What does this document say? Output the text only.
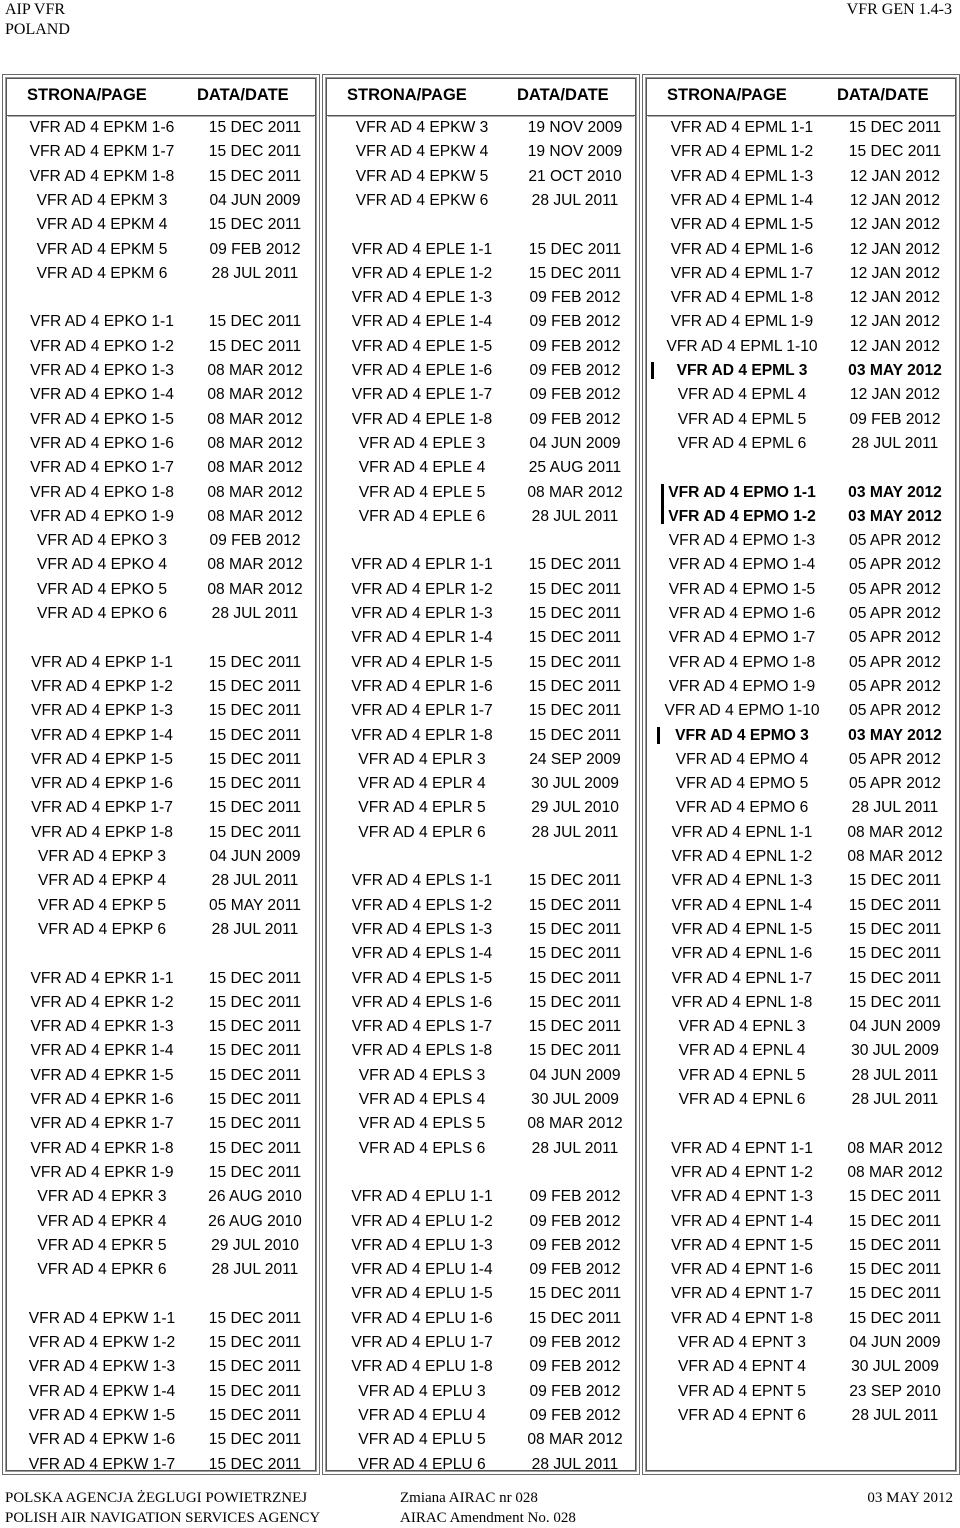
AIP VFR
POLAND
VFR GEN 1.4-3
STRONA/PAGE	DATA/DATE
VFR AD 4 EPKM 1-6	15 DEC 2011
VFR AD 4 EPKM 1-7	15 DEC 2011
VFR AD 4 EPKM 1-8	15 DEC 2011
VFR AD 4 EPKM 3	04 JUN 2009
VFR AD 4 EPKM 4	15 DEC 2011
VFR AD 4 EPKM 5	09 FEB 2012
VFR AD 4 EPKM 6	28 JUL 2011
VFR AD 4 EPKO 1-1	15 DEC 2011
VFR AD 4 EPKO 1-2	15 DEC 2011
VFR AD 4 EPKO 1-3	08 MAR 2012
VFR AD 4 EPKO 1-4	08 MAR 2012
VFR AD 4 EPKO 1-5	08 MAR 2012
VFR AD 4 EPKO 1-6	08 MAR 2012
VFR AD 4 EPKO 1-7	08 MAR 2012
VFR AD 4 EPKO 1-8	08 MAR 2012
VFR AD 4 EPKO 1-9	08 MAR 2012
VFR AD 4 EPKO 3	09 FEB 2012
VFR AD 4 EPKO 4	08 MAR 2012
VFR AD 4 EPKO 5	08 MAR 2012
VFR AD 4 EPKO 6	28 JUL 2011
VFR AD 4 EPKP 1-1	15 DEC 2011
VFR AD 4 EPKP 1-2	15 DEC 2011
VFR AD 4 EPKP 1-3	15 DEC 2011
VFR AD 4 EPKP 1-4	15 DEC 2011
VFR AD 4 EPKP 1-5	15 DEC 2011
VFR AD 4 EPKP 1-6	15 DEC 2011
VFR AD 4 EPKP 1-7	15 DEC 2011
VFR AD 4 EPKP 1-8	15 DEC 2011
VFR AD 4 EPKP 3	04 JUN 2009
VFR AD 4 EPKP 4	28 JUL 2011
VFR AD 4 EPKP 5	05 MAY 2011
VFR AD 4 EPKP 6	28 JUL 2011
VFR AD 4 EPKR 1-1	15 DEC 2011
VFR AD 4 EPKR 1-2	15 DEC 2011
VFR AD 4 EPKR 1-3	15 DEC 2011
VFR AD 4 EPKR 1-4	15 DEC 2011
VFR AD 4 EPKR 1-5	15 DEC 2011
VFR AD 4 EPKR 1-6	15 DEC 2011
VFR AD 4 EPKR 1-7	15 DEC 2011
VFR AD 4 EPKR 1-8	15 DEC 2011
VFR AD 4 EPKR 1-9	15 DEC 2011
VFR AD 4 EPKR 3	26 AUG 2010
VFR AD 4 EPKR 4	26 AUG 2010
VFR AD 4 EPKR 5	29 JUL 2010
VFR AD 4 EPKR 6	28 JUL 2011
VFR AD 4 EPKW 1-1	15 DEC 2011
VFR AD 4 EPKW 1-2	15 DEC 2011
VFR AD 4 EPKW 1-3	15 DEC 2011
VFR AD 4 EPKW 1-4	15 DEC 2011
VFR AD 4 EPKW 1-5	15 DEC 2011
VFR AD 4 EPKW 1-6	15 DEC 2011
VFR AD 4 EPKW 1-7	15 DEC 2011
STRONA/PAGE	DATA/DATE
VFR AD 4 EPKW 3	19 NOV 2009
VFR AD 4 EPKW 4	19 NOV 2009
VFR AD 4 EPKW 5	21 OCT 2010
VFR AD 4 EPKW 6	28 JUL 2011
VFR AD 4 EPLE 1-1	15 DEC 2011
VFR AD 4 EPLE 1-2	15 DEC 2011
VFR AD 4 EPLE 1-3	09 FEB 2012
VFR AD 4 EPLE 1-4	09 FEB 2012
VFR AD 4 EPLE 1-5	09 FEB 2012
VFR AD 4 EPLE 1-6	09 FEB 2012
VFR AD 4 EPLE 1-7	09 FEB 2012
VFR AD 4 EPLE 1-8	09 FEB 2012
VFR AD 4 EPLE 3	04 JUN 2009
VFR AD 4 EPLE 4	25 AUG 2011
VFR AD 4 EPLE 5	08 MAR 2012
VFR AD 4 EPLE 6	28 JUL 2011
VFR AD 4 EPLR 1-1	15 DEC 2011
VFR AD 4 EPLR 1-2	15 DEC 2011
VFR AD 4 EPLR 1-3	15 DEC 2011
VFR AD 4 EPLR 1-4	15 DEC 2011
VFR AD 4 EPLR 1-5	15 DEC 2011
VFR AD 4 EPLR 1-6	15 DEC 2011
VFR AD 4 EPLR 1-7	15 DEC 2011
VFR AD 4 EPLR 1-8	15 DEC 2011
VFR AD 4 EPLR 3	24 SEP 2009
VFR AD 4 EPLR 4	30 JUL 2009
VFR AD 4 EPLR 5	29 JUL 2010
VFR AD 4 EPLR 6	28 JUL 2011
VFR AD 4 EPLS 1-1	15 DEC 2011
VFR AD 4 EPLS 1-2	15 DEC 2011
VFR AD 4 EPLS 1-3	15 DEC 2011
VFR AD 4 EPLS 1-4	15 DEC 2011
VFR AD 4 EPLS 1-5	15 DEC 2011
VFR AD 4 EPLS 1-6	15 DEC 2011
VFR AD 4 EPLS 1-7	15 DEC 2011
VFR AD 4 EPLS 1-8	15 DEC 2011
VFR AD 4 EPLS 3	04 JUN 2009
VFR AD 4 EPLS 4	30 JUL 2009
VFR AD 4 EPLS 5	08 MAR 2012
VFR AD 4 EPLS 6	28 JUL 2011
VFR AD 4 EPLU 1-1	09 FEB 2012
VFR AD 4 EPLU 1-2	09 FEB 2012
VFR AD 4 EPLU 1-3	09 FEB 2012
VFR AD 4 EPLU 1-4	09 FEB 2012
VFR AD 4 EPLU 1-5	15 DEC 2011
VFR AD 4 EPLU 1-6	15 DEC 2011
VFR AD 4 EPLU 1-7	09 FEB 2012
VFR AD 4 EPLU 1-8	09 FEB 2012
VFR AD 4 EPLU 3	09 FEB 2012
VFR AD 4 EPLU 4	09 FEB 2012
VFR AD 4 EPLU 5	08 MAR 2012
VFR AD 4 EPLU 6	28 JUL 2011
STRONA/PAGE	DATA/DATE
VFR AD 4 EPML 1-1	15 DEC 2011
VFR AD 4 EPML 1-2	15 DEC 2011
VFR AD 4 EPML 1-3	12 JAN 2012
VFR AD 4 EPML 1-4	12 JAN 2012
VFR AD 4 EPML 1-5	12 JAN 2012
VFR AD 4 EPML 1-6	12 JAN 2012
VFR AD 4 EPML 1-7	12 JAN 2012
VFR AD 4 EPML 1-8	12 JAN 2012
VFR AD 4 EPML 1-9	12 JAN 2012
VFR AD 4 EPML 1-10	12 JAN 2012
VFR AD 4 EPML 3	03 MAY 2012
VFR AD 4 EPML 4	12 JAN 2012
VFR AD 4 EPML 5	09 FEB 2012
VFR AD 4 EPML 6	28 JUL 2011
VFR AD 4 EPMO 1-1	03 MAY 2012
VFR AD 4 EPMO 1-2	03 MAY 2012
VFR AD 4 EPMO 1-3	05 APR 2012
VFR AD 4 EPMO 1-4	05 APR 2012
VFR AD 4 EPMO 1-5	05 APR 2012
VFR AD 4 EPMO 1-6	05 APR 2012
VFR AD 4 EPMO 1-7	05 APR 2012
VFR AD 4 EPMO 1-8	05 APR 2012
VFR AD 4 EPMO 1-9	05 APR 2012
VFR AD 4 EPMO 1-10	05 APR 2012
VFR AD 4 EPMO 3	03 MAY 2012
VFR AD 4 EPMO 4	05 APR 2012
VFR AD 4 EPMO 5	05 APR 2012
VFR AD 4 EPMO 6	28 JUL 2011
VFR AD 4 EPNL 1-1	08 MAR 2012
VFR AD 4 EPNL 1-2	08 MAR 2012
VFR AD 4 EPNL 1-3	15 DEC 2011
VFR AD 4 EPNL 1-4	15 DEC 2011
VFR AD 4 EPNL 1-5	15 DEC 2011
VFR AD 4 EPNL 1-6	15 DEC 2011
VFR AD 4 EPNL 1-7	15 DEC 2011
VFR AD 4 EPNL 1-8	15 DEC 2011
VFR AD 4 EPNL 3	04 JUN 2009
VFR AD 4 EPNL 4	30 JUL 2009
VFR AD 4 EPNL 5	28 JUL 2011
VFR AD 4 EPNL 6	28 JUL 2011
VFR AD 4 EPNT 1-1	08 MAR 2012
VFR AD 4 EPNT 1-2	08 MAR 2012
VFR AD 4 EPNT 1-3	15 DEC 2011
VFR AD 4 EPNT 1-4	15 DEC 2011
VFR AD 4 EPNT 1-5	15 DEC 2011
VFR AD 4 EPNT 1-6	15 DEC 2011
VFR AD 4 EPNT 1-7	15 DEC 2011
VFR AD 4 EPNT 1-8	15 DEC 2011
VFR AD 4 EPNT 3	04 JUN 2009
VFR AD 4 EPNT 4	30 JUL 2009
VFR AD 4 EPNT 5	23 SEP 2010
VFR AD 4 EPNT 6	28 JUL 2011
POLSKA AGENCJA ŻEGLUGI POWIETRZNEJ
POLISH AIR NAVIGATION SERVICES AGENCY
Zmiana AIRAC nr 028
AIRAC Amendment No. 028
03 MAY 2012
